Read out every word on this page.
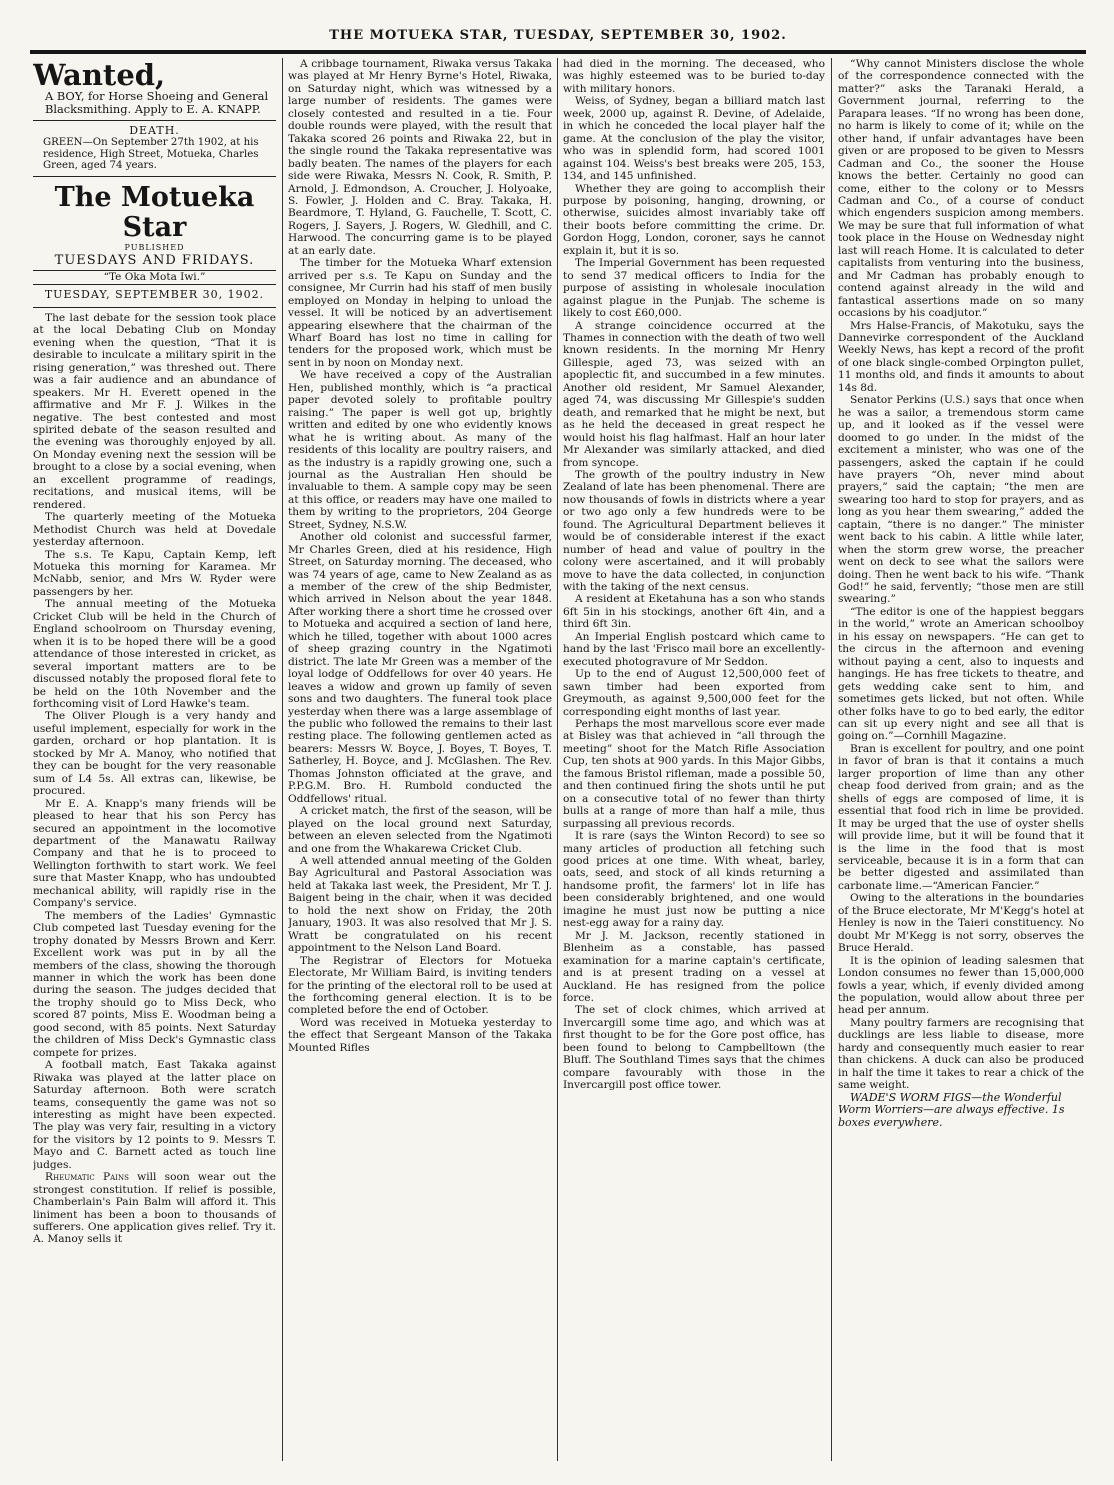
THE MOTUEKA STAR, TUESDAY, SEPTEMBER 30, 1902.
Wanted,

A BOY, for Horse Shoeing and General Blacksmithing. Apply to E. A. KNAPP.

DEATH.

GREEN—On September 27th 1902, at his residence, High Street, Motueka, Charles Green, aged 74 years.

The Motueka Star
PUBLISHED
TUESDAYS AND FRIDAYS.
“Te Oka Mota Iwi.”
TUESDAY, SEPTEMBER 30, 1902.

The last debate for the session took place at the local Debating Club on Monday evening when the question, “That it is desirable to inculcate a military spirit in the rising generation,” was threshed out. There was a fair audience and an abundance of speakers. Mr H. Everett opened in the affirmative and Mr F. J. Wilkes in the negative. The best contested and most spirited debate of the season resulted and the evening was thoroughly enjoyed by all. On Monday evening next the session will be brought to a close by a social evening, when an excellent programme of readings, recitations, and musical items, will be rendered.

The quarterly meeting of the Motueka Methodist Church was held at Dovedale yesterday afternoon.

The s.s. Te Kapu, Captain Kemp, left Motueka this morning for Karamea. Mr McNabb, senior, and Mrs W. Ryder were passengers by her.

The annual meeting of the Motueka Cricket Club will be held in the Church of England schoolroom on Thursday evening, when it is to be hoped there will be a good attendance of those interested in cricket, as several important matters are to be discussed notably the proposed floral fete to be held on the 10th November and the forthcoming visit of Lord Hawke's team.

The Oliver Plough is a very handy and useful implement, especially for work in the garden, orchard or hop plantation. It is stocked by Mr A. Manoy, who notified that they can be bought for the very reasonable sum of L4 5s. All extras can, likewise, be procured.

Mr E. A. Knapp's many friends will be pleased to hear that his son Percy has secured an appointment in the locomotive department of the Manawatu Railway Company and that he is to proceed to Wellington forthwith to start work. We feel sure that Master Knapp, who has undoubted mechanical ability, will rapidly rise in the Company's service.

The members of the Ladies' Gymnastic Club competed last Tuesday evening for the trophy donated by Messrs Brown and Kerr. Excellent work was put in by all the members of the class, showing the thorough manner in which the work has been done during the season. The judges decided that the trophy should go to Miss Deck, who scored 87 points, Miss E. Woodman being a good second, with 85 points. Next Saturday the children of Miss Deck's Gymnastic class compete for prizes.

A football match, East Takaka against Riwaka was played at the latter place on Saturday afternoon. Both were scratch teams, consequently the game was not so interesting as might have been expected. The play was very fair, resulting in a victory for the visitors by 12 points to 9. Messrs T. Mayo and C. Barnett acted as touch line judges.

Rheumatic Pains will soon wear out the strongest constitution. If relief is possible, Chamberlain's Pain Balm will afford it. This liniment has been a boon to thousands of sufferers. One application gives relief. Try it. A. Manoy sells it

A cribbage tournament, Riwaka versus Takaka was played at Mr Henry Byrne's Hotel, Riwaka, on Saturday night, which was witnessed by a large number of residents. The games were closely contested and resulted in a tie. Four double rounds were played, with the result that Takaka scored 26 points and Riwaka 22, but in the single round the Takaka representative was badly beaten. The names of the players for each side were Riwaka, Messrs N. Cook, R. Smith, P. Arnold, J. Edmondson, A. Croucher, J. Holyoake, S. Fowler, J. Holden and C. Bray. Takaka, H. Beardmore, T. Hyland, G. Fauchelle, T. Scott, C. Rogers, J. Sayers, J. Rogers, W. Gledhill, and C. Harwood. The concurring game is to be played at an early date.

The timber for the Motueka Wharf extension arrived per s.s. Te Kapu on Sunday and the consignee, Mr Currin had his staff of men busily employed on Monday in helping to unload the vessel. It will be noticed by an advertisement appearing elsewhere that the chairman of the Wharf Board has lost no time in calling for tenders for the proposed work, which must be sent in by noon on Monday next.

We have received a copy of the Australian Hen, published monthly, which is “a practical paper devoted solely to profitable poultry raising.” The paper is well got up, brightly written and edited by one who evidently knows what he is writing about. As many of the residents of this locality are poultry raisers, and as the industry is a rapidly growing one, such a journal as the Australian Hen should be invaluable to them. A sample copy may be seen at this office, or readers may have one mailed to them by writing to the proprietors, 204 George Street, Sydney, N.S.W.

Another old colonist and successful farmer, Mr Charles Green, died at his residence, High Street, on Saturday morning. The deceased, who was 74 years of age, came to New Zealand as as a member of the crew of the ship Bedmister, which arrived in Nelson about the year 1848. After working there a short time he crossed over to Motueka and acquired a section of land here, which he tilled, together with about 1000 acres of sheep grazing country in the Ngatimoti district. The late Mr Green was a member of the loyal lodge of Oddfellows for over 40 years. He leaves a widow and grown up family of seven sons and two daughters. The funeral took place yesterday when there was a large assemblage of the public who followed the remains to their last resting place. The following gentlemen acted as bearers: Messrs W. Boyce, J. Boyes, T. Boyes, T. Satherley, H. Boyce, and J. McGlashen. The Rev. Thomas Johnston officiated at the grave, and P.P.G.M. Bro. H. Rumbold conducted the Oddfellows' ritual.

A cricket match, the first of the season, will be played on the local ground next Saturday, between an eleven selected from the Ngatimoti and one from the Whakarewa Cricket Club.

A well attended annual meeting of the Golden Bay Agricultural and Pastoral Association was held at Takaka last week, the President, Mr T. J. Baigent being in the chair, when it was decided to hold the next show on Friday, the 20th January, 1903. It was also resolved that Mr J. S. Wratt be congratulated on his recent appointment to the Nelson Land Board.

The Registrar of Electors for Motueka Electorate, Mr William Baird, is inviting tenders for the printing of the electoral roll to be used at the forthcoming general election. It is to be completed before the end of October.

Word was received in Motueka yesterday to the effect that Sergeant Manson of the Takaka Mounted Rifles

had died in the morning. The deceased, who was highly esteemed was to be buried to-day with military honors.

Weiss, of Sydney, began a billiard match last week, 2000 up, against R. Devine, of Adelaide, in which he conceded the local player half the game. At the conclusion of the play the visitor, who was in splendid form, had scored 1001 against 104. Weiss's best breaks were 205, 153, 134, and 145 unfinished.

Whether they are going to accomplish their purpose by poisoning, hanging, drowning, or otherwise, suicides almost invariably take off their boots before committing the crime. Dr. Gordon Hogg, London, coroner, says he cannot explain it, but it is so.

The Imperial Government has been requested to send 37 medical officers to India for the purpose of assisting in wholesale inoculation against plague in the Punjab. The scheme is likely to cost £60,000.

A strange coincidence occurred at the Thames in connection with the death of two well known residents. In the morning Mr Henry Gillespie, aged 73, was seized with an apoplectic fit, and succumbed in a few minutes. Another old resident, Mr Samuel Alexander, aged 74, was discussing Mr Gillespie's sudden death, and remarked that he might be next, but as he held the deceased in great respect he would hoist his flag halfmast. Half an hour later Mr Alexander was similarly attacked, and died from syncope.

The growth of the poultry industry in New Zealand of late has been phenomenal. There are now thousands of fowls in districts where a year or two ago only a few hundreds were to be found. The Agricultural Department believes it would be of considerable interest if the exact number of head and value of poultry in the colony were ascertained, and it will probably move to have the data collected, in conjunction with the taking of the next census.

A resident at Eketahuna has a son who stands 6ft 5in in his stockings, another 6ft 4in, and a third 6ft 3in.

An Imperial English postcard which came to hand by the last 'Frisco mail bore an excellently-executed photogravure of Mr Seddon.

Up to the end of August 12,500,000 feet of sawn timber had been exported from Greymouth, as against 9,500,000 feet for the corresponding eight months of last year.

Perhaps the most marvellous score ever made at Bisley was that achieved in “all through the meeting” shoot for the Match Rifle Association Cup, ten shots at 900 yards. In this Major Gibbs, the famous Bristol rifleman, made a possible 50, and then continued firing the shots until he put on a consecutive total of no fewer than thirty bulls at a range of more than half a mile, thus surpassing all previous records.

It is rare (says the Winton Record) to see so many articles of production all fetching such good prices at one time. With wheat, barley, oats, seed, and stock of all kinds returning a handsome profit, the farmers' lot in life has been considerably brightened, and one would imagine he must just now be putting a nice nest-egg away for a rainy day.

Mr J. M. Jackson, recently stationed in Blenheim as a constable, has passed examination for a marine captain's certificate, and is at present trading on a vessel at Auckland. He has resigned from the police force.

The set of clock chimes, which arrived at Invercargill some time ago, and which was at first thought to be for the Gore post office, has been found to belong to Campbelltown (the Bluff. The Southland Times says that the chimes compare favourably with those in the Invercargill post office tower.

“Why cannot Ministers disclose the whole of the correspondence connected with the matter?” asks the Taranaki Herald, a Government journal, referring to the Parapara leases. “If no wrong has been done, no harm is likely to come of it; while on the other hand, if unfair advantages have been given or are proposed to be given to Messrs Cadman and Co., the sooner the House knows the better. Certainly no good can come, either to the colony or to Messrs Cadman and Co., of a course of conduct which engenders suspicion among members. We may be sure that full information of what took place in the House on Wednesday night last will reach Home. It is calculated to deter capitalists from venturing into the business, and Mr Cadman has probably enough to contend against already in the wild and fantastical assertions made on so many occasions by his coadjutor.”

Mrs Halse-Francis, of Makotuku, says the Dannevirke correspondent of the Auckland Weekly News, has kept a record of the profit of one black single-combed Orpington pullet, 11 months old, and finds it amounts to about 14s 8d.

Senator Perkins (U.S.) says that once when he was a sailor, a tremendous storm came up, and it looked as if the vessel were doomed to go under. In the midst of the excitement a minister, who was one of the passengers, asked the captain if he could have prayers “Oh, never mind about prayers,” said the captain; “the men are swearing too hard to stop for prayers, and as long as you hear them swearing,” added the captain, “there is no danger.” The minister went back to his cabin. A little while later, when the storm grew worse, the preacher went on deck to see what the sailors were doing. Then he went back to his wife. “Thank God!” he said, fervently; “those men are still swearing.”

“The editor is one of the happiest beggars in the world,” wrote an American schoolboy in his essay on newspapers. “He can get to the circus in the afternoon and evening without paying a cent, also to inquests and hangings. He has free tickets to theatre, and gets wedding cake sent to him, and sometimes gets licked, but not often. While other folks have to go to bed early, the editor can sit up every night and see all that is going on.”—Cornhill Magazine.

Bran is excellent for poultry, and one point in favor of bran is that it contains a much larger proportion of lime than any other cheap food derived from grain; and as the shells of eggs are composed of lime, it is essential that food rich in lime be provided. It may be urged that the use of oyster shells will provide lime, but it will be found that it is the lime in the food that is most serviceable, because it is in a form that can be better digested and assimilated than carbonate lime.—“American Fancier.”

Owing to the alterations in the boundaries of the Bruce electorate, Mr M'Kegg's hotel at Henley is now in the Taieri constituency. No doubt Mr M'Kegg is not sorry, observes the Bruce Herald.

It is the opinion of leading salesmen that London consumes no fewer than 15,000,000 fowls a year, which, if evenly divided among the population, would allow about three per head per annum.

Many poultry farmers are recognising that ducklings are less liable to disease, more hardy and consequently much easier to rear than chickens. A duck can also be produced in half the time it takes to rear a chick of the same weight.

WADE'S WORM FIGS—the Wonderful Worm Worriers—are always effective. 1s boxes everywhere.
